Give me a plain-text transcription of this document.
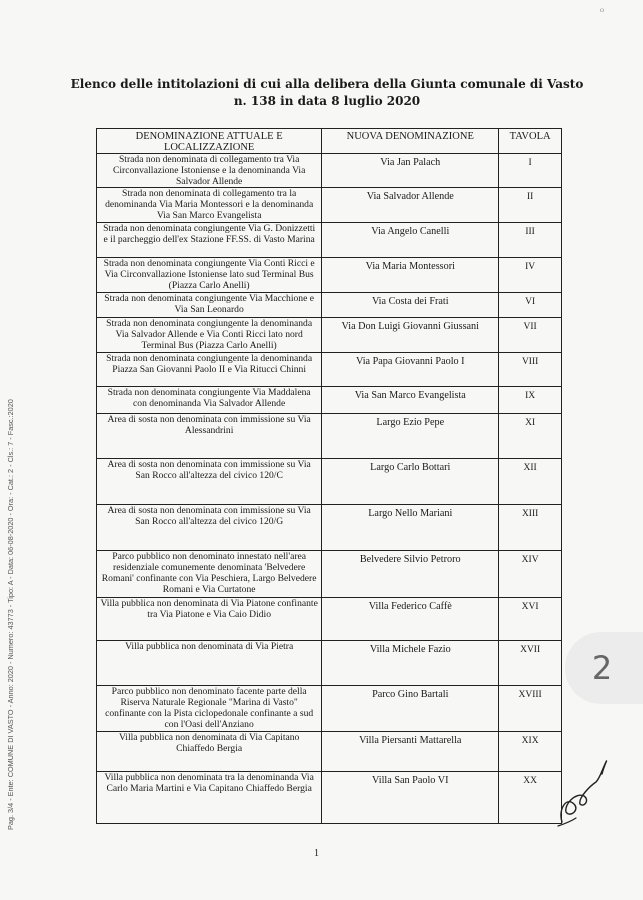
O
Elenco delle intitolazioni di cui alla delibera della Giunta comunale di Vasto
n. 138 in data 8 luglio 2020
DENOMINAZIONE ATTUALE E LOCALIZZAZIONE	NUOVA DENOMINAZIONE	TAVOLA
Strada non denominata di collegamento tra Via Circonvallazione Istoniense e la denominanda Via Salvador Allende	Via Jan Palach	I
Strada non denominata di collegamento tra la denominanda Via Maria Montessori e la denominanda Via San Marco Evangelista	Via Salvador Allende	II
Strada non denominata congiungente Via G. Donizzetti e il parcheggio dell'ex Stazione FF.SS. di Vasto Marina	Via Angelo Canelli	III
Strada non denominata congiungente Via Conti Ricci e Via Circonvallazione Istoniense lato sud Terminal Bus (Piazza Carlo Anelli)	Via Maria Montessori	IV
Strada non denominata congiungente Via Macchione e Via San Leonardo	Via Costa dei Frati	VI
Strada non denominata congiungente la denominanda Via Salvador Allende e Via Conti Ricci lato nord Terminal Bus (Piazza Carlo Anelli)	Via Don Luigi Giovanni Giussani	VII
Strada non denominata congiungente la denominanda Piazza San Giovanni Paolo II e Via Ritucci Chinni	Via Papa Giovanni Paolo I	VIII
Strada non denominata congiungente Via Maddalena con denominanda Via Salvador Allende	Via San Marco Evangelista	IX
Area di sosta non denominata con immissione su Via Alessandrini	Largo Ezio Pepe	XI
Area di sosta non denominata con immissione su Via San Rocco all'altezza del civico 120/C	Largo Carlo Bottari	XII
Area di sosta non denominata con immissione su Via San Rocco all'altezza del civico 120/G	Largo Nello Mariani	XIII
Parco pubblico non denominato innestato nell'area residenziale comunemente denominata 'Belvedere Romani' confinante con Via Peschiera, Largo Belvedere Romani e Via Curtatone	Belvedere Silvio Petroro	XIV
Villa pubblica non denominata di Via Piatone confinante tra Via Piatone e Via Caio Didio	Villa Federico Caffè	XVI
Villa pubblica non denominata di Via Pietra	Villa Michele Fazio	XVII
Parco pubblico non denominato facente parte della Riserva Naturale Regionale "Marina di Vasto" confinante con la Pista ciclopedonale confinante a sud con l'Oasi dell'Anziano	Parco Gino Bartali	XVIII
Villa pubblica non denominata di Via Capitano Chiaffedo Bergia	Villa Piersanti Mattarella	XIX
Villa pubblica non denominata tra la denominanda Via Carlo Maria Martini e Via Capitano Chiaffedo Bergia	Villa San Paolo VI	XX
1
Pag. 3/4 - Ente: COMUNE DI VASTO - Anno: 2020 - Numero: 43773 - Tipo: A - Data: 06-08-2020 - Ora: - Cat.: 2 - Cls.: 7 - Fasc.:2020	2
